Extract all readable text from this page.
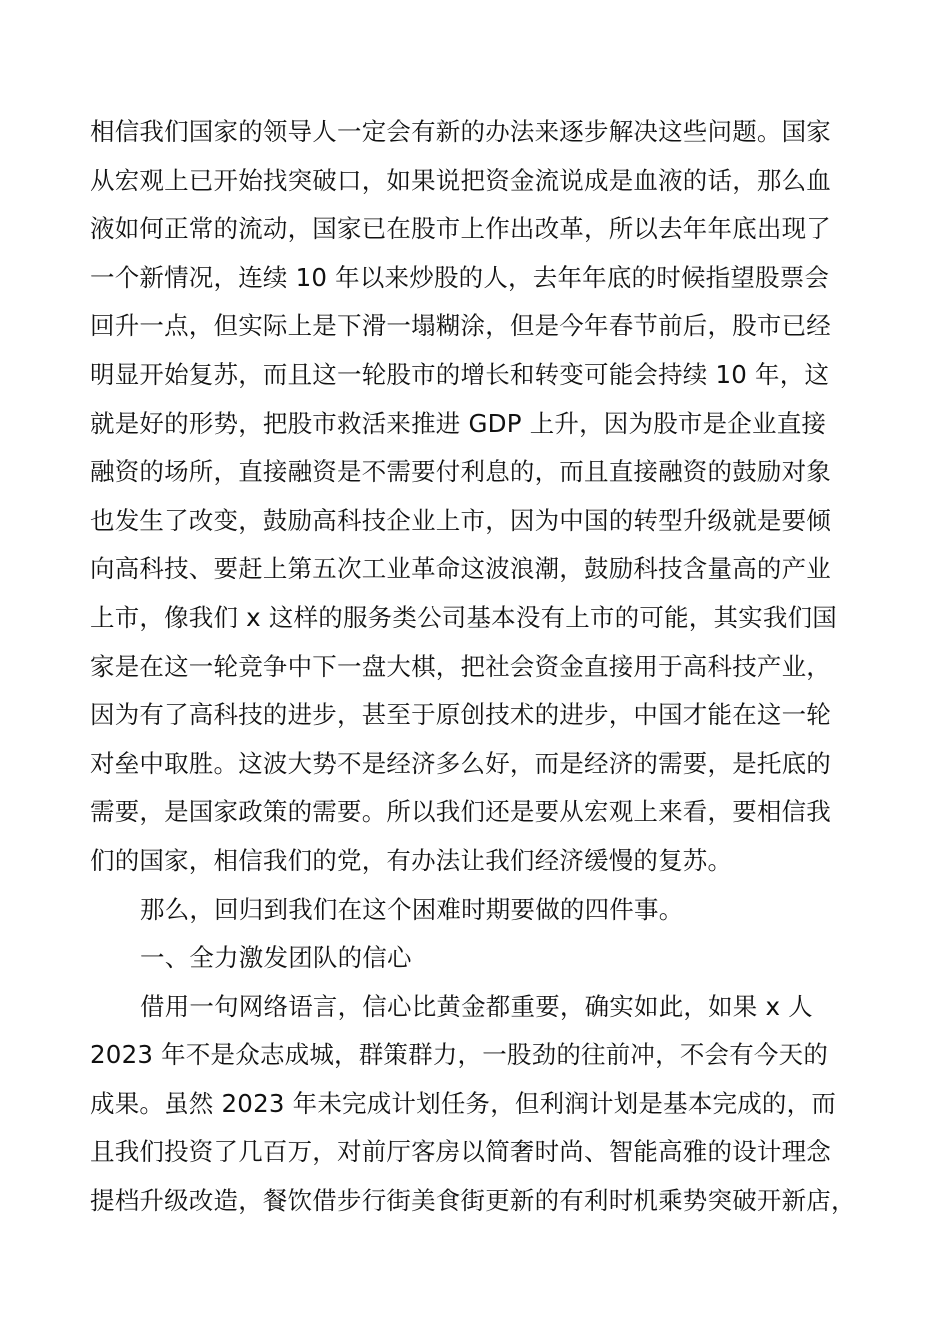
相信我们国家的领导人一定会有新的办法来逐步解决这些问题。国家
从宏观上已开始找突破口，如果说把资金流说成是血液的话，那么血
液如何正常的流动，国家已在股市上作出改革，所以去年年底出现了
一个新情况，连续 10 年以来炒股的人，去年年底的时候指望股票会
回升一点，但实际上是下滑一塌糊涂，但是今年春节前后，股市已经
明显开始复苏，而且这一轮股市的增长和转变可能会持续 10 年，这
就是好的形势，把股市救活来推进 GDP 上升，因为股市是企业直接
融资的场所，直接融资是不需要付利息的，而且直接融资的鼓励对象
也发生了改变，鼓励高科技企业上市，因为中国的转型升级就是要倾
向高科技、要赶上第五次工业革命这波浪潮，鼓励科技含量高的产业
上市，像我们 x 这样的服务类公司基本没有上市的可能，其实我们国
家是在这一轮竞争中下一盘大棋，把社会资金直接用于高科技产业，
因为有了高科技的进步，甚至于原创技术的进步，中国才能在这一轮
对垒中取胜。这波大势不是经济多么好，而是经济的需要，是托底的
需要，是国家政策的需要。所以我们还是要从宏观上来看，要相信我
们的国家，相信我们的党，有办法让我们经济缓慢的复苏。
那么，回归到我们在这个困难时期要做的四件事。
一、全力激发团队的信心
借用一句网络语言，信心比黄金都重要，确实如此，如果 x 人
2023 年不是众志成城，群策群力，一股劲的往前冲，不会有今天的
成果。虽然 2023 年未完成计划任务，但利润计划是基本完成的，而
且我们投资了几百万，对前厅客房以简奢时尚、智能高雅的设计理念
提档升级改造，餐饮借步行街美食街更新的有利时机乘势突破开新店，
